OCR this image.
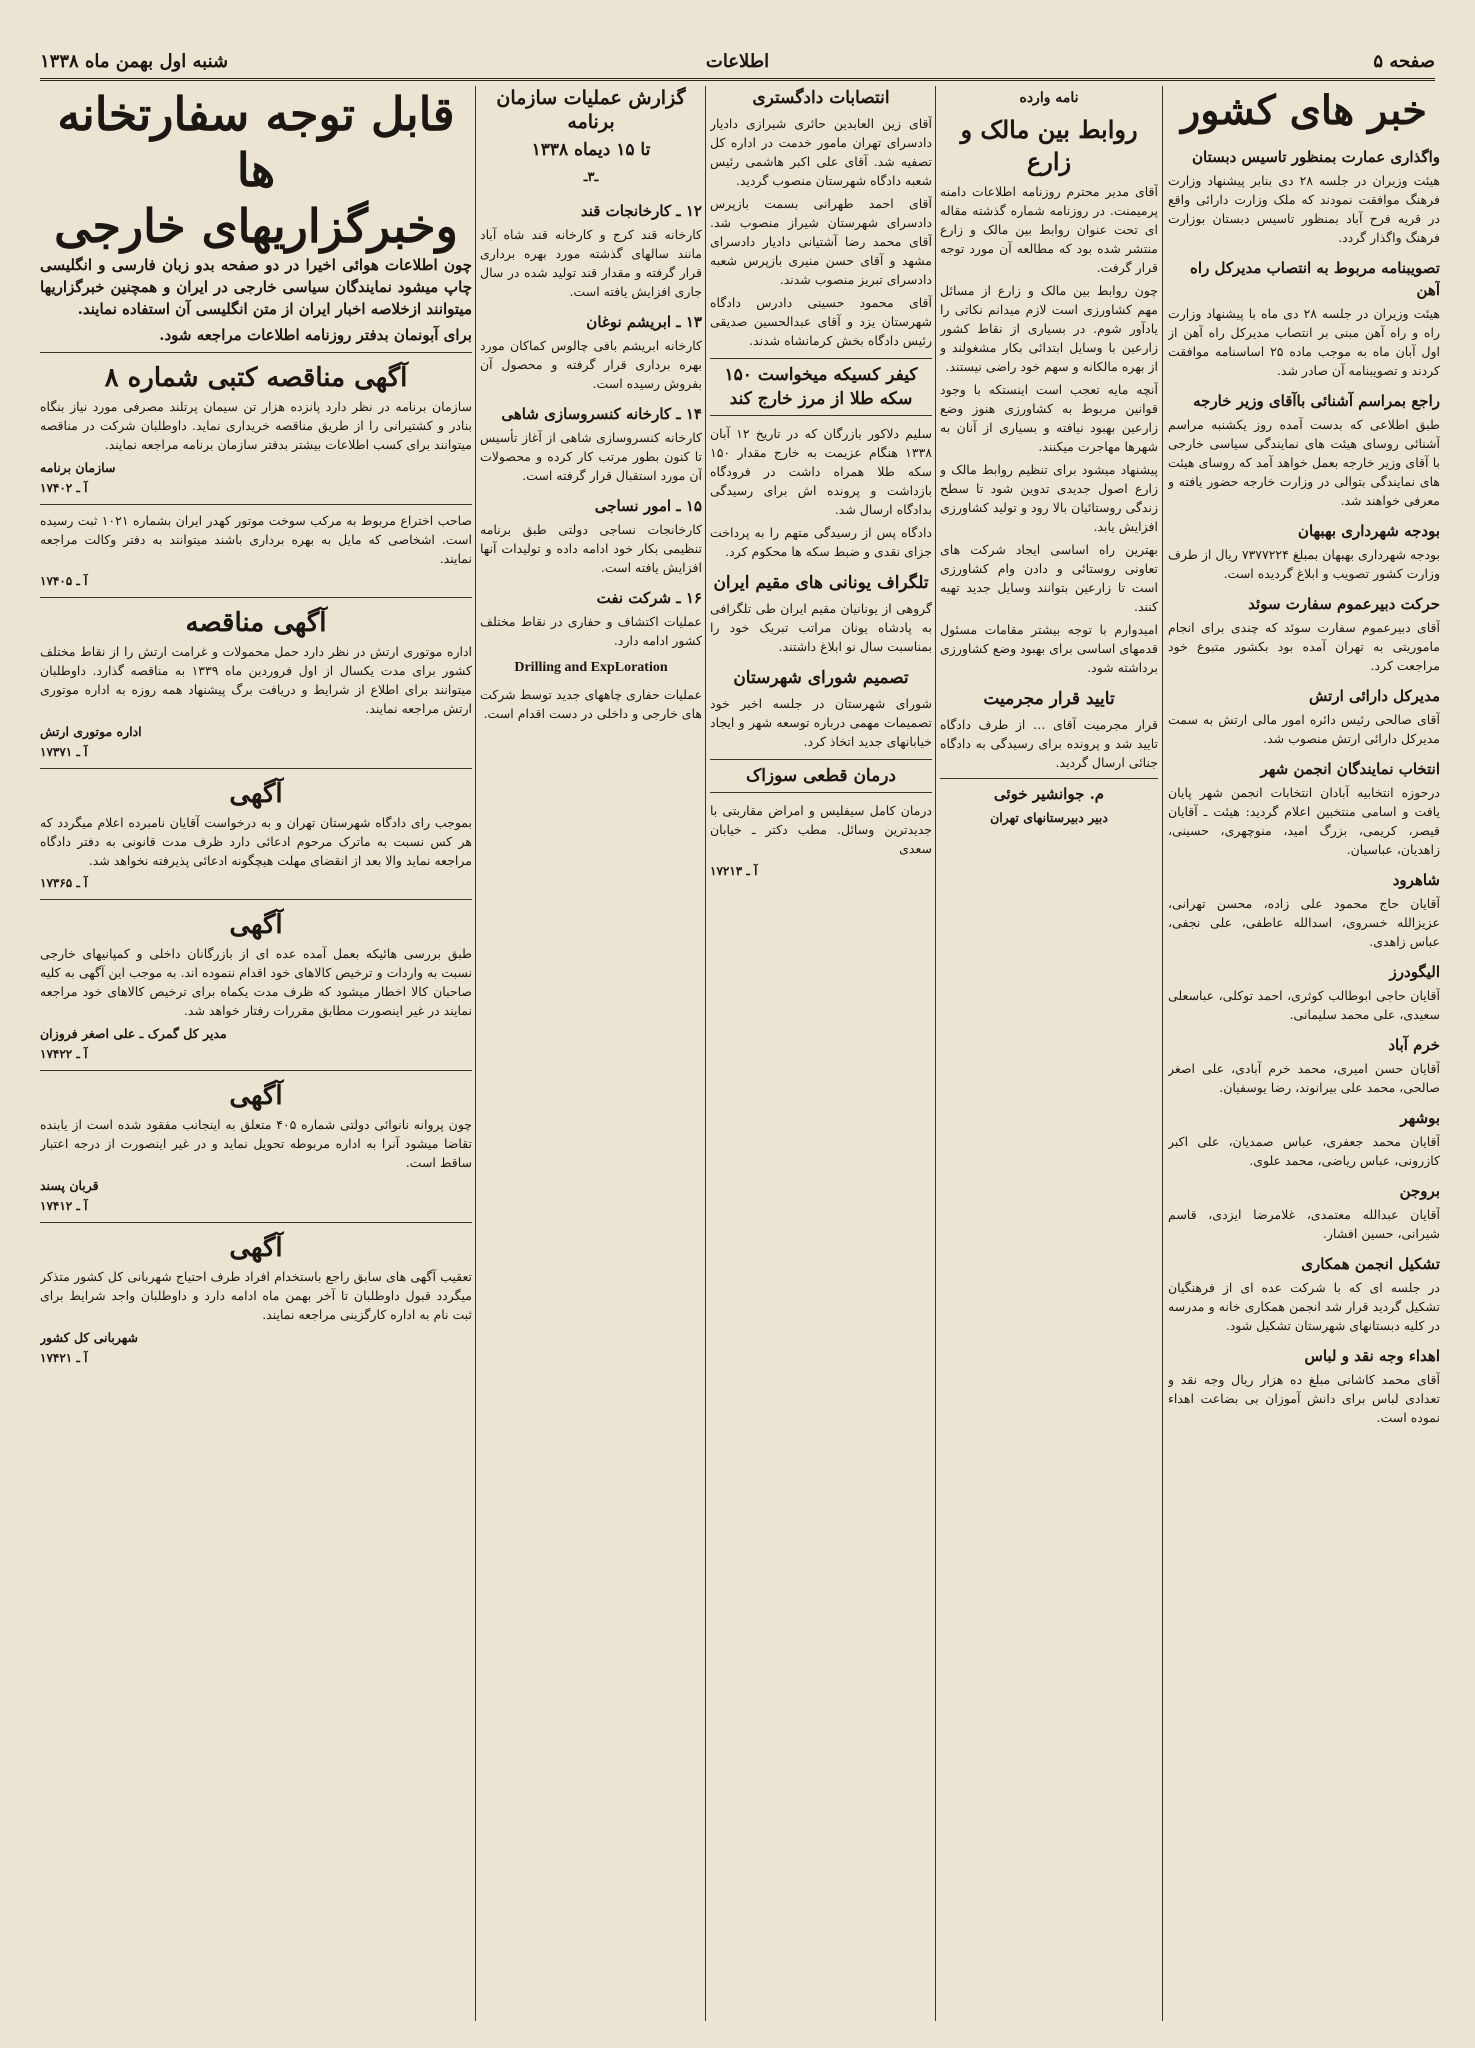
صفحه ۵
اطلاعات
شنبه اول بهمن ماه ۱۳۳۸
خبر های کشور
واگذاری عمارت بمنظور تاسیس دبستان

هیئت وزیران در جلسه ۲۸ دی بنابر پیشنهاد وزارت فرهنگ موافقت نمودند که ملک وزارت دارائی واقع در قریه فرح آباد بمنظور تاسیس دبستان بوزارت فرهنگ واگذار گردد.

تصویبنامه مربوط به انتصاب مدیرکل راه آهن

هیئت وزیران در جلسه ۲۸ دی ماه با پیشنهاد وزارت راه و راه آهن مبنی بر انتصاب مدیرکل راه آهن از اول آبان ماه به موجب ماده ۲۵ اساسنامه موافقت کردند و تصویبنامه آن صادر شد.

راجع بمراسم آشنائی باآقای وزیر خارجه

طبق اطلاعی که بدست آمده روز یکشنبه مراسم آشنائی روسای هیئت های نمایندگی سیاسی خارجی با آقای وزیر خارجه بعمل خواهد آمد که روسای هیئت های نمایندگی بتوالی در وزارت خارجه حضور یافته و معرفی خواهند شد.

بودجه شهرداری بهبهان

بودجه شهرداری بهبهان بمبلغ ۷۳۷۷۲۲۴ ریال از طرف وزارت کشور تصویب و ابلاغ گردیده است.

حرکت دبیرعموم سفارت سوئد

آقای دبیرعموم سفارت سوئد که چندی برای انجام ماموریتی به تهران آمده بود بکشور متبوع خود مراجعت کرد.

مدیرکل دارائی ارتش

آقای صالحی رئیس دائره امور مالی ارتش به سمت مدیرکل دارائی ارتش منصوب شد.

انتخاب نمایندگان انجمن شهر

درحوزه انتخابیه آبادان انتخابات انجمن شهر پایان یافت و اسامی منتخبین اعلام گردید: هیئت ـ آقایان قیصر، کریمی، بزرگ امید، منوچهری، حسینی، زاهدیان، عباسیان.

شاهرود

آقایان حاج محمود علی زاده، محسن تهرانی، عزیزالله خسروی، اسدالله عاطفی، علی نجفی، عباس زاهدی.

الیگودرز

آقایان حاجی ابوطالب کوثری، احمد توکلی، عباسعلی سعیدی، علی محمد سلیمانی.

خرم آباد

آقایان حسن امیری، محمد خرم آبادی، علی اصغر صالحی، محمد علی بیرانوند، رضا یوسفیان.

بوشهر

آقایان محمد جعفری، عباس صمدیان، علی اکبر کازرونی، عباس ریاضی، محمد علوی.

بروجن

آقایان عبدالله معتمدی، غلامرضا ایزدی، قاسم شیرانی، حسین افشار.

تشکیل انجمن همکاری

در جلسه ای که با شرکت عده ای از فرهنگیان تشکیل گردید قرار شد انجمن همکاری خانه و مدرسه در کلیه دبستانهای شهرستان تشکیل شود.

اهداء وجه نقد و لباس

آقای محمد کاشانی مبلغ ده هزار ریال وجه نقد و تعدادی لباس برای دانش آموزان بی بضاعت اهداء نموده است.

نامه وارده
روابط بین مالک و زارع

آقای مدیر محترم روزنامه اطلاعات دامنه پرمیمنت. در روزنامه شماره گذشته مقاله ای تحت عنوان روابط بین مالک و زارع منتشر شده بود که مطالعه آن مورد توجه قرار گرفت.

چون روابط بین مالک و زارع از مسائل مهم کشاورزی است لازم میدانم نکاتی را یادآور شوم. در بسیاری از نقاط کشور زارعین با وسایل ابتدائی بکار مشغولند و از بهره مالکانه و سهم خود راضی نیستند.

آنچه مایه تعجب است اینستکه با وجود قوانین مربوط به کشاورزی هنوز وضع زارعین بهبود نیافته و بسیاری از آنان به شهرها مهاجرت میکنند.

پیشنهاد میشود برای تنظیم روابط مالک و زارع اصول جدیدی تدوین شود تا سطح زندگی روستائیان بالا رود و تولید کشاورزی افزایش یابد.

بهترین راه اساسی ایجاد شرکت های تعاونی روستائی و دادن وام کشاورزی است تا زارعین بتوانند وسایل جدید تهیه کنند.

امیدوارم با توجه بیشتر مقامات مسئول قدمهای اساسی برای بهبود وضع کشاورزی برداشته شود.

تایید قرار مجرمیت

قرار مجرمیت آقای … از طرف دادگاه تایید شد و پرونده برای رسیدگی به دادگاه جنائی ارسال گردید.

م. جوانشیر خوئی
دبیر دبیرستانهای تهران
انتصابات دادگستری

آقای زین العابدین حائری شیرازی دادیار دادسرای تهران مامور خدمت در اداره کل تصفیه شد. آقای علی اکبر هاشمی رئیس شعبه دادگاه شهرستان منصوب گردید.

آقای احمد طهرانی بسمت بازپرس دادسرای شهرستان شیراز منصوب شد. آقای محمد رضا آشتیانی دادیار دادسرای مشهد و آقای حسن منیری بازپرس شعبه دادسرای تبریز منصوب شدند.

آقای محمود حسینی دادرس دادگاه شهرستان یزد و آقای عبدالحسین صدیقی رئیس دادگاه بخش کرمانشاه شدند.

کیفر کسیکه میخواست ۱۵۰ سکه طلا از مرز خارج کند

سلیم دلاکور بازرگان که در تاریخ ۱۲ آبان ۱۳۳۸ هنگام عزیمت به خارج مقدار ۱۵۰ سکه طلا همراه داشت در فرودگاه بازداشت و پرونده اش برای رسیدگی بدادگاه ارسال شد.

دادگاه پس از رسیدگی متهم را به پرداخت جزای نقدی و ضبط سکه ها محکوم کرد.

تلگراف یونانی های مقیم ایران

گروهی از یونانیان مقیم ایران طی تلگرافی به پادشاه یونان مراتب تبریک خود را بمناسبت سال نو ابلاغ داشتند.

تصمیم شورای شهرستان

شورای شهرستان در جلسه اخیر خود تصمیمات مهمی درباره توسعه شهر و ایجاد خیابانهای جدید اتخاذ کرد.

درمان قطعی سوزاک

درمان کامل سیفلیس و امراض مقاربتی با جدیدترین وسائل. مطب دکتر ـ خیابان سعدی

آ ـ ۱۷۲۱۳
گزارش عملیات سازمان برنامه
تا ۱۵ دیماه ۱۳۳۸
ـ۳ـ
۱۲ ـ کارخانجات قند

کارخانه قند کرج و کارخانه قند شاه آباد مانند سالهای گذشته مورد بهره برداری قرار گرفته و مقدار قند تولید شده در سال جاری افزایش یافته است.

۱۳ ـ ابریشم نوغان

کارخانه ابریشم بافی چالوس کماکان مورد بهره برداری قرار گرفته و محصول آن بفروش رسیده است.

۱۴ ـ کارخانه کنسروسازی شاهی

کارخانه کنسروسازی شاهی از آغاز تأسیس تا کنون بطور مرتب کار کرده و محصولات آن مورد استقبال قرار گرفته است.

۱۵ ـ امور نساجی

کارخانجات نساجی دولتی طبق برنامه تنظیمی بکار خود ادامه داده و تولیدات آنها افزایش یافته است.

۱۶ ـ شرکت نفت

عملیات اکتشاف و حفاری در نقاط مختلف کشور ادامه دارد.

Drilling and ExpLoration

عملیات حفاری چاههای جدید توسط شرکت های خارجی و داخلی در دست اقدام است.

قابل توجه سفارتخانه ها
وخبرگزاریهای خارجی

چون اطلاعات هوائی اخیرا در دو صفحه بدو زبان فارسی و انگلیسی چاپ میشود نمایندگان سیاسی خارجی در ایران و همچنین خبرگزاریها میتوانند ازخلاصه اخبار ایران از متن انگلیسی آن استفاده نمایند.

برای آبونمان بدفتر روزنامه اطلاعات مراجعه شود.

آگهی مناقصه کتبی شماره ۸

سازمان برنامه در نظر دارد پانزده هزار تن سیمان پرتلند مصرفی مورد نیاز بنگاه بنادر و کشتیرانی را از طریق مناقصه خریداری نماید. داوطلبان شرکت در مناقصه میتوانند برای کسب اطلاعات بیشتر بدفتر سازمان برنامه مراجعه نمایند.

سازمان برنامه
آ ـ ۱۷۴۰۲

صاحب اختراع مربوط به مرکب سوخت موتور کهدر ایران بشماره ۱۰۲۱ ثبت رسیده است. اشخاصی که مایل به بهره برداری باشند میتوانند به دفتر وکالت مراجعه نمایند.

آ ـ ۱۷۴۰۵
آگهی مناقصه

اداره موتوری ارتش در نظر دارد حمل محمولات و غرامت ارتش را از نقاط مختلف کشور برای مدت یکسال از اول فروردین ماه ۱۳۳۹ به مناقصه گذارد. داوطلبان میتوانند برای اطلاع از شرایط و دریافت برگ پیشنهاد همه روزه به اداره موتوری ارتش مراجعه نمایند.

اداره موتوری ارتش
آ ـ ۱۷۳۷۱
آگهی

بموجب رای دادگاه شهرستان تهران و به درخواست آقایان نامبرده اعلام میگردد که هر کس نسبت به ماترک مرحوم ادعائی دارد ظرف مدت قانونی به دفتر دادگاه مراجعه نماید والا بعد از انقضای مهلت هیچگونه ادعائی پذیرفته نخواهد شد.

آ ـ ۱۷۳۶۵
آگهی

طبق بررسی هائیکه بعمل آمده عده ای از بازرگانان داخلی و کمپانیهای خارجی نسبت به واردات و ترخیص کالاهای خود اقدام ننموده اند. به موجب این آگهی به کلیه صاحبان کالا اخطار میشود که ظرف مدت یکماه برای ترخیص کالاهای خود مراجعه نمایند در غیر اینصورت مطابق مقررات رفتار خواهد شد.

مدیر کل گمرک ـ علی اصغر فروزان
آ ـ ۱۷۴۲۲
آگهی

چون پروانه نانوائی دولتی شماره ۴۰۵ متعلق به اینجانب مفقود شده است از یابنده تقاضا میشود آنرا به اداره مربوطه تحویل نماید و در غیر اینصورت از درجه اعتبار ساقط است.

قربان پسند
آ ـ ۱۷۴۱۲
آگهی

تعقیب آگهی های سابق راجع باستخدام افراد طرف احتیاج شهربانی کل کشور متذکر میگردد قبول داوطلبان تا آخر بهمن ماه ادامه دارد و داوطلبان واجد شرایط برای ثبت نام به اداره کارگزینی مراجعه نمایند.

شهربانی کل کشور
آ ـ ۱۷۴۲۱
